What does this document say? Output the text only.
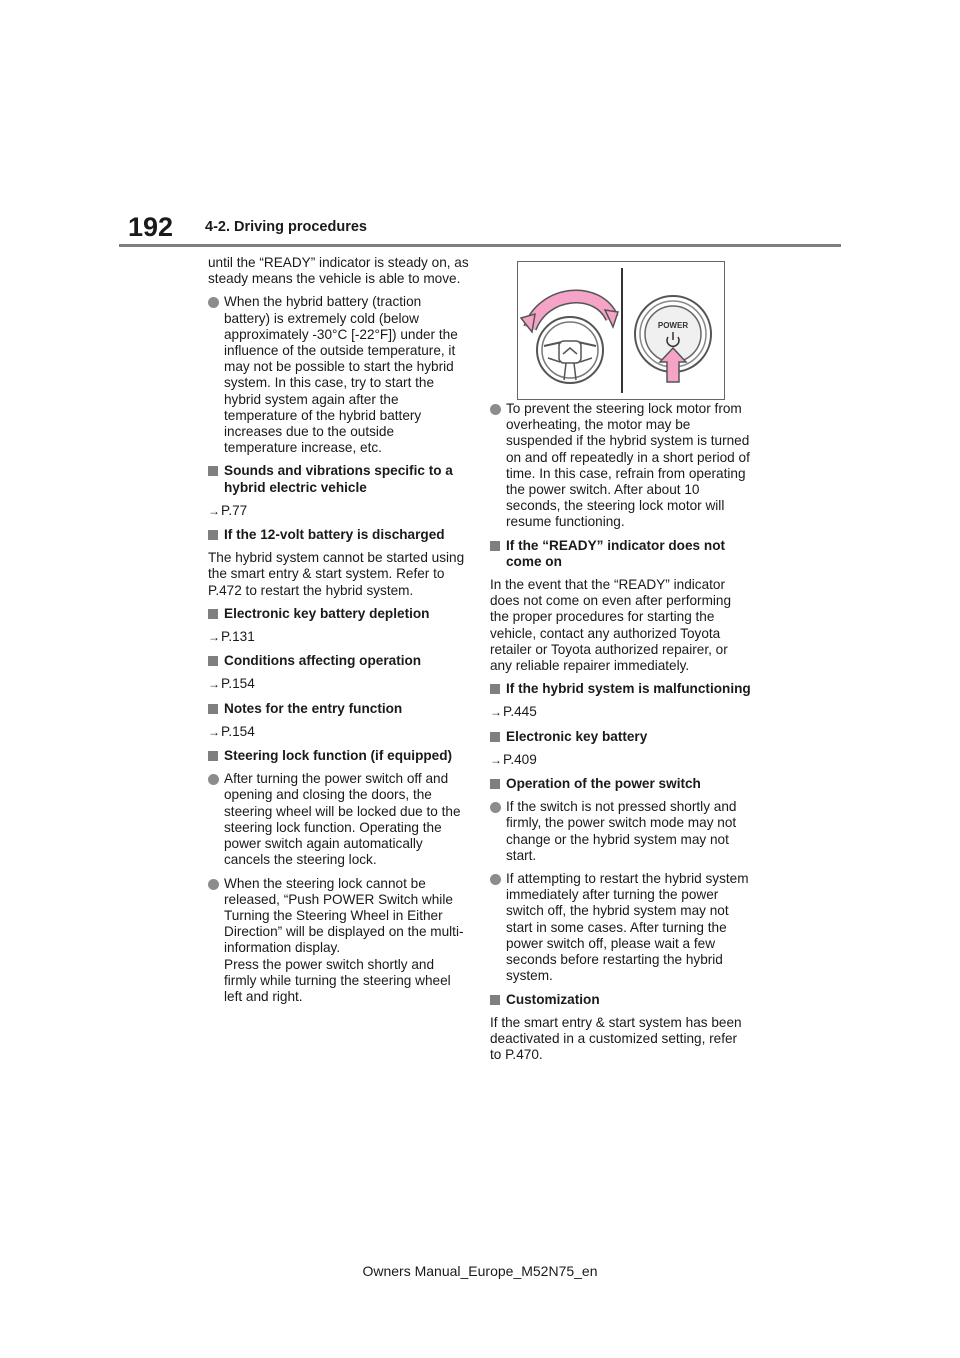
192 4-2. Driving procedures

until the “READY” indicator is steady on, as steady means the vehicle is able to move.

When the hybrid battery (traction battery) is extremely cold (below approximately -30°C [-22°F]) under the influence of the outside temperature, it may not be possible to start the hybrid system. In this case, try to start the hybrid system again after the temperature of the hybrid battery increases due to the outside temperature increase, etc.
Sounds and vibrations specific to a hybrid electric vehicle
→P.77
If the 12-volt battery is discharged

The hybrid system cannot be started using the smart entry & start system. Refer to P.472 to restart the hybrid system.

Electronic key battery depletion
→P.131
Conditions affecting operation
→P.154
Notes for the entry function
→P.154
Steering lock function (if equipped)
After turning the power switch off and opening and closing the doors, the steering wheel will be locked due to the steering lock function. Operating the power switch again automatically cancels the steering lock.
When the steering lock cannot be released, “Push POWER Switch while Turning the Steering Wheel in Either Direction” will be displayed on the multi-information display.
Press the power switch shortly and firmly while turning the steering wheel left and right.
POWER
To prevent the steering lock motor from overheating, the motor may be suspended if the hybrid system is turned on and off repeatedly in a short period of time. In this case, refrain from operating the power switch. After about 10 seconds, the steering lock motor will resume functioning.
If the “READY” indicator does not come on

In the event that the “READY” indicator does not come on even after performing the proper procedures for starting the vehicle, contact any authorized Toyota retailer or Toyota authorized repairer, or any reliable repairer immediately.

If the hybrid system is malfunctioning
→P.445
Electronic key battery
→P.409
Operation of the power switch
If the switch is not pressed shortly and firmly, the power switch mode may not change or the hybrid system may not start.
If attempting to restart the hybrid system immediately after turning the power switch off, the hybrid system may not start in some cases. After turning the power switch off, please wait a few seconds before restarting the hybrid system.
Customization

If the smart entry & start system has been deactivated in a customized setting, refer to P.470.

Owners Manual_Europe_M52N75_en
